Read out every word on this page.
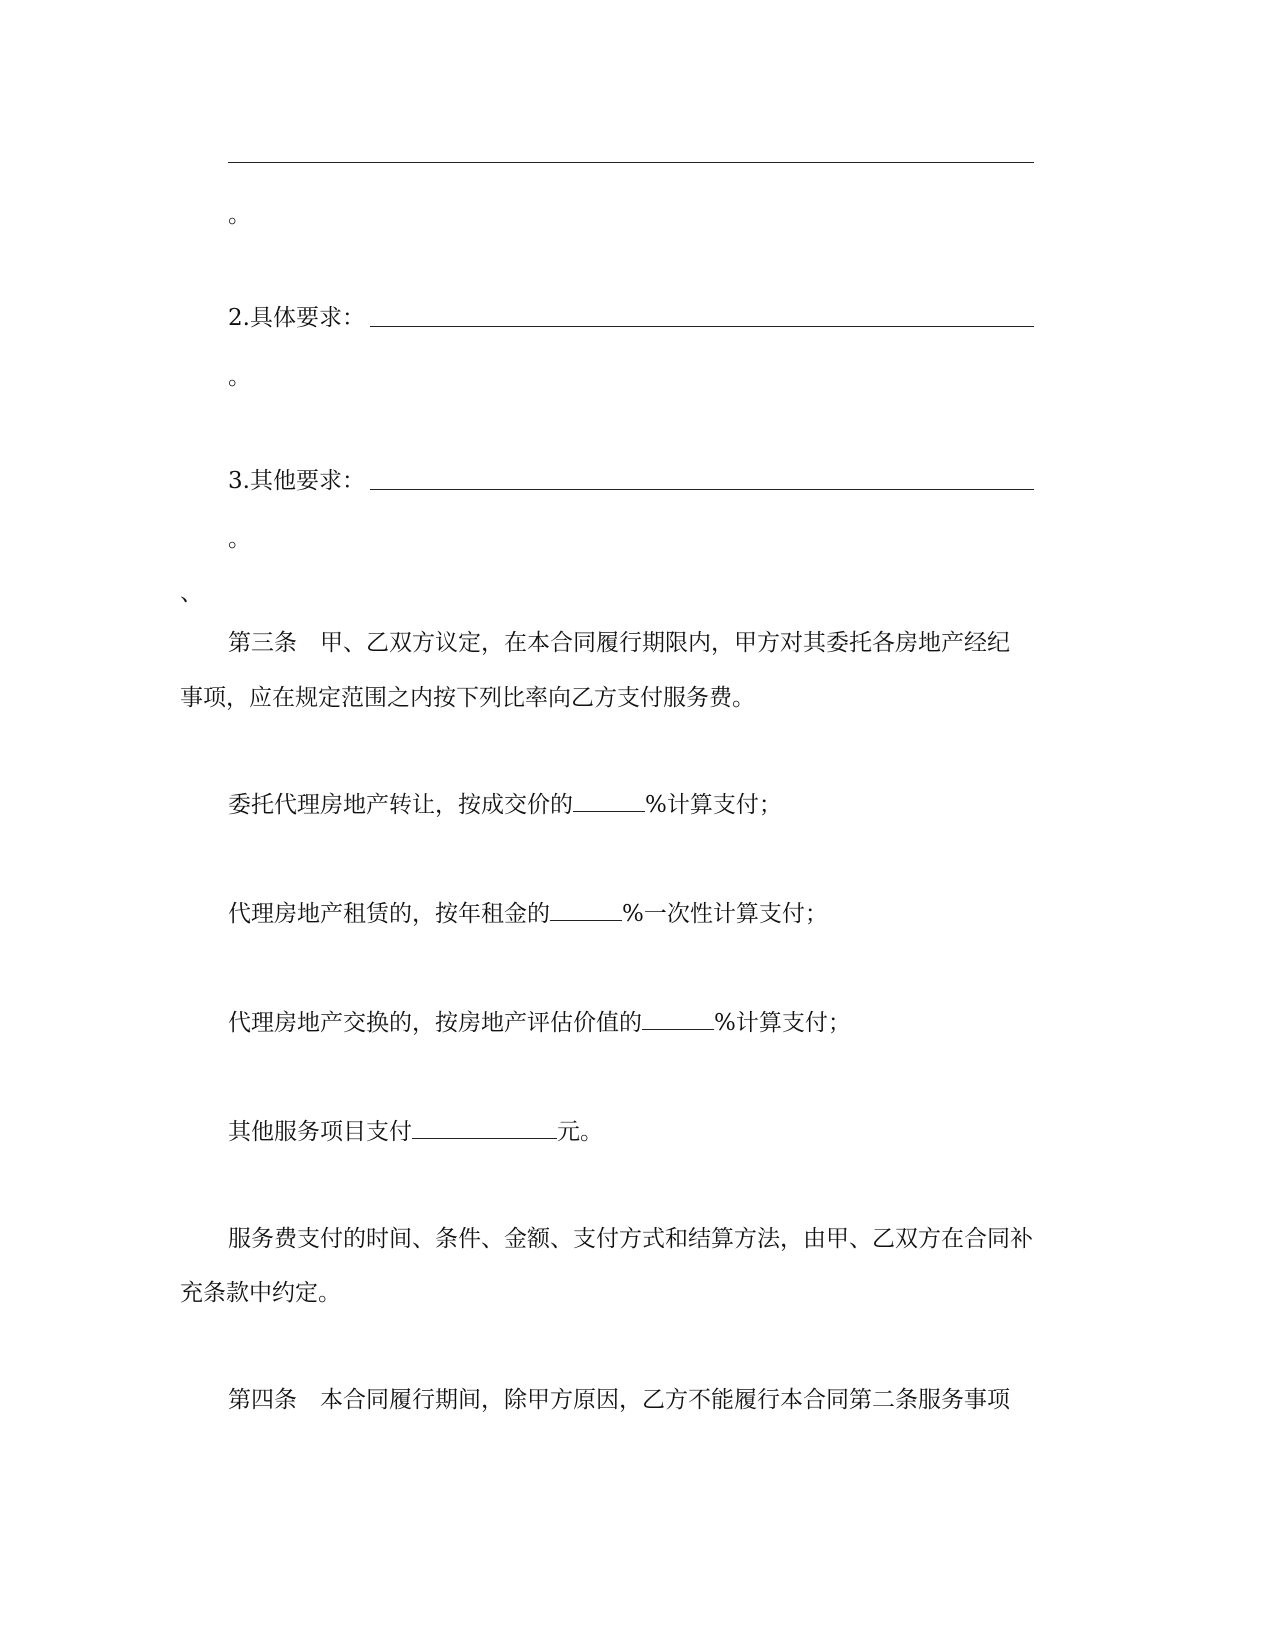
。
2.具体要求：
。
3.其他要求：
。
、
第三条　甲、乙双方议定，在本合同履行期限内，甲方对其委托各房地产经纪
事项，应在规定范围之内按下列比率向乙方支付服务费。
委托代理房地产转让，按成交价的	%计算支付；
代理房地产租赁的，按年租金的	%一次性计算支付；
代理房地产交换的，按房地产评估价值的	%计算支付；
其他服务项目支付	元。
服务费支付的时间、条件、金额、支付方式和结算方法，由甲、乙双方在合同补
充条款中约定。
第四条　本合同履行期间，除甲方原因，乙方不能履行本合同第二条服务事项
